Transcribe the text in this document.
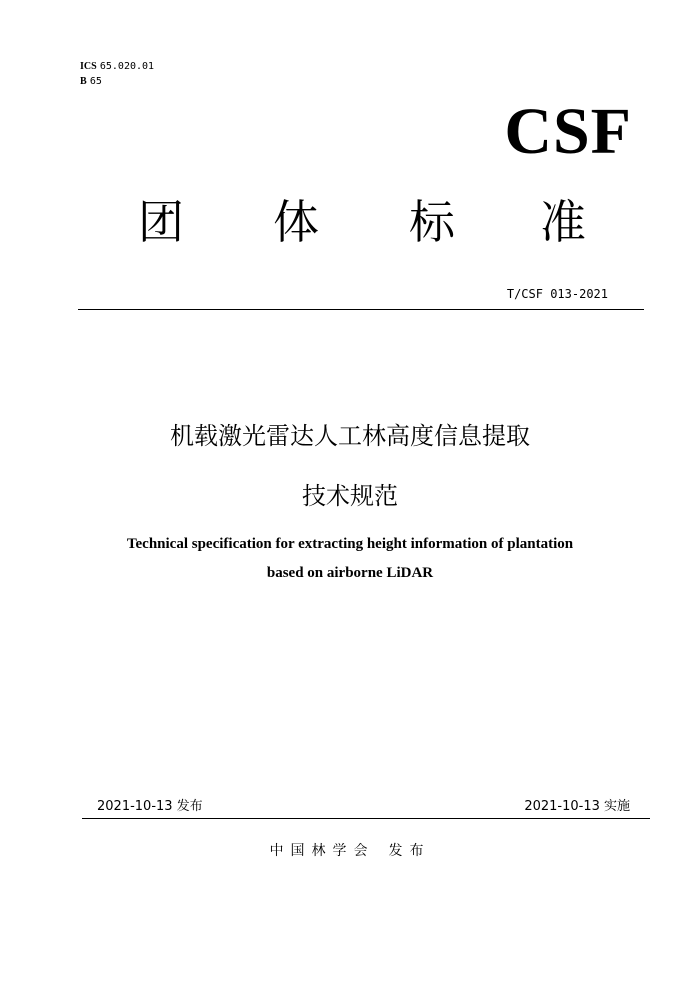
ICS 65.020.01
B 65
CSF
团 体 标 准
T/CSF 013-2021
机载激光雷达人工林高度信息提取
技术规范
Technical specification for extracting height information of plantation
based on airborne LiDAR
2021-10-13 发布	2021-10-13 实施
中国林学会 发布
